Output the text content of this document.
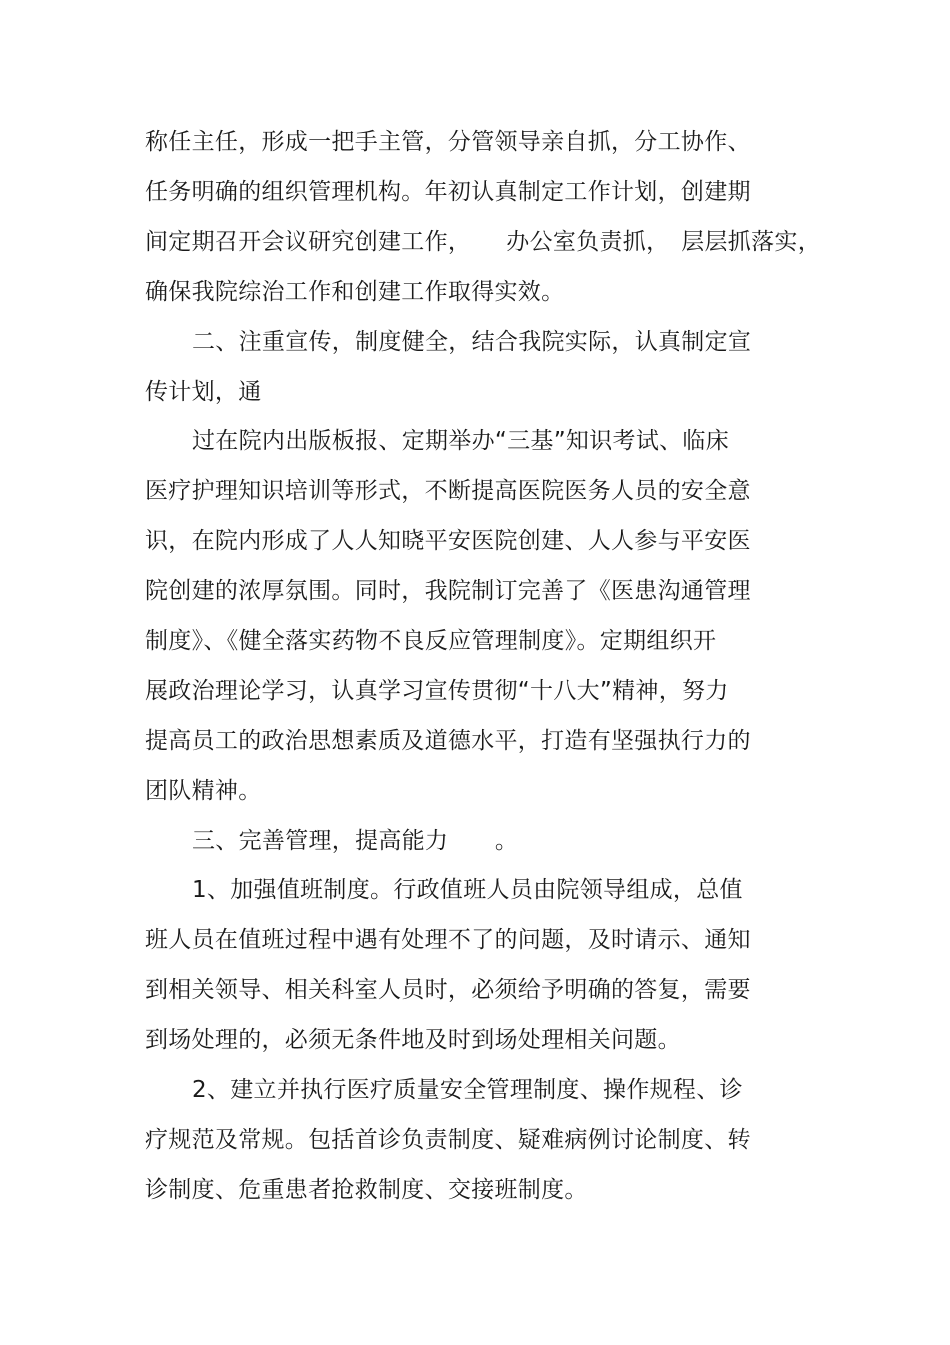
称任主任，形成一把手主管，分管领导亲自抓，分工协作、
任务明确的组织管理机构。年初认真制定工作计划，创建期
间定期召开会议研究创建工作，　　办公室负责抓，　层层抓落实，
确保我院综治工作和创建工作取得实效。
二、注重宣传，制度健全，结合我院实际，认真制定宣
传计划，通
过在院内出版板报、定期举办“三基”知识考试、临床
医疗护理知识培训等形式，不断提高医院医务人员的安全意
识，在院内形成了人人知晓平安医院创建、人人参与平安医
院创建的浓厚氛围。同时，我院制订完善了《医患沟通管理
制度》、《健全落实药物不良反应管理制度》。定期组织开
展政治理论学习，认真学习宣传贯彻“十八大”精神，努力
提高员工的政治思想素质及道德水平，打造有坚强执行力的
团队精神。
三、完善管理，提高能力　　。
1、加强值班制度。行政值班人员由院领导组成，总值
班人员在值班过程中遇有处理不了的问题，及时请示、通知
到相关领导、相关科室人员时，必须给予明确的答复，需要
到场处理的，必须无条件地及时到场处理相关问题。
2、建立并执行医疗质量安全管理制度、操作规程、诊
疗规范及常规。包括首诊负责制度、疑难病例讨论制度、转
诊制度、危重患者抢救制度、交接班制度。
